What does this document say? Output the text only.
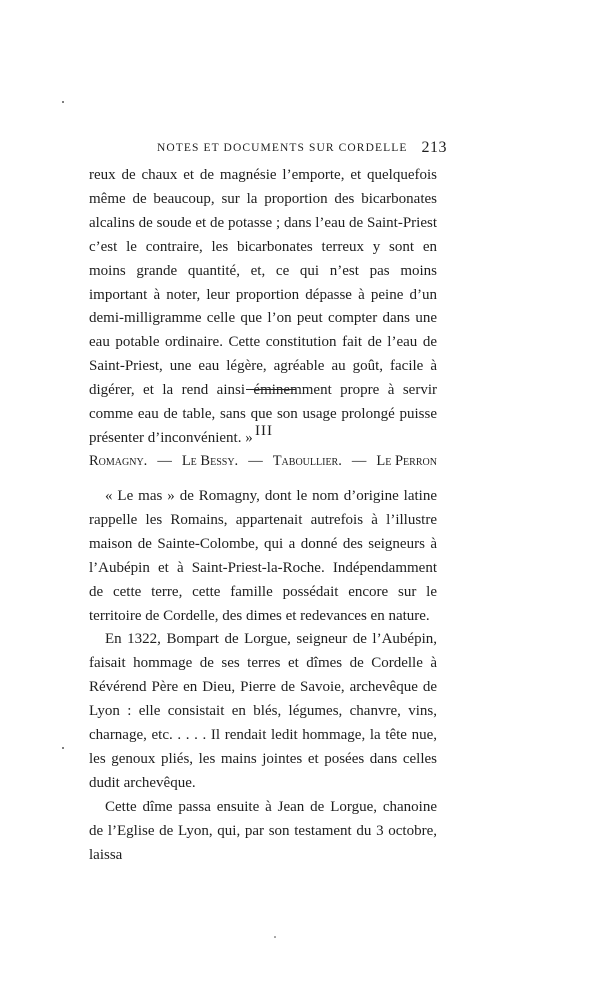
NOTES ET DOCUMENTS SUR CORDELLE 213

reux de chaux et de magnésie l’emporte, et quelquefois même de beaucoup, sur la proportion des bicarbonates alcalins de soude et de potasse ; dans l’eau de Saint-Priest c’est le contraire, les bicarbonates terreux y sont en moins grande quantité, et, ce qui n’est pas moins important à noter, leur proportion dépasse à peine d’un demi-milligramme celle que l’on peut compter dans une eau potable ordinaire. Cette constitution fait de l’eau de Saint-Priest, une eau légère, agréable au goût, facile à digérer, et la rend ainsi éminemment propre à servir comme eau de table, sans que son usage prolongé puisse présenter d’inconvénient. » III
Romagny. — Le Bessy. — Taboullier. — Le Perron

« Le mas » de Romagny, dont le nom d’origine latine rappelle les Romains, appartenait autrefois à l’illustre maison de Sainte-Colombe, qui a donné des seigneurs à l’Aubépin et à Saint-Priest-la-Roche. Indépendamment de cette terre, cette famille possédait encore sur le territoire de Cordelle, des dimes et redevances en nature.

En 1322, Bompart de Lorgue, seigneur de l’Aubépin, faisait hommage de ses terres et dîmes de Cordelle à Révérend Père en Dieu, Pierre de Savoie, archevêque de Lyon : elle consistait en blés, légumes, chanvre, vins, charnage, etc. . . . . Il rendait ledit hommage, la tête nue, les genoux pliés, les mains jointes et posées dans celles dudit archevêque.

Cette dîme passa ensuite à Jean de Lorgue, chanoine de l’Eglise de Lyon, qui, par son testament du 3 octobre, laissa
